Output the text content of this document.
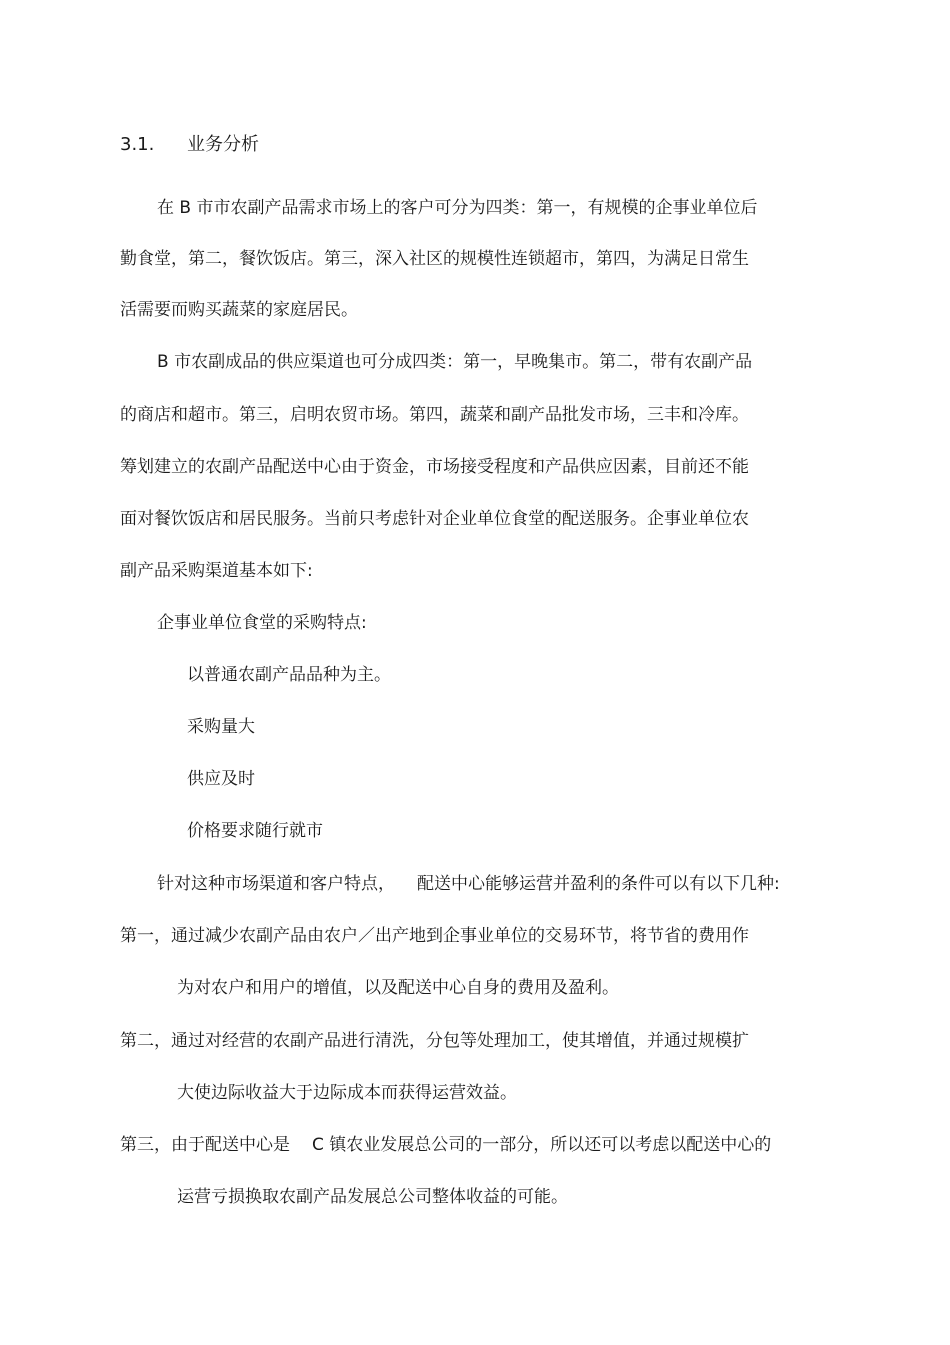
3.1. 业务分析
在 B 市市农副产品需求市场上的客户可分为四类：第一，有规模的企事业单位后
勤食堂，第二，餐饮饭店。第三，深入社区的规模性连锁超市，第四，为满足日常生
活需要而购买蔬菜的家庭居民。
B 市农副成品的供应渠道也可分成四类：第一，早晚集市。第二，带有农副产品
的商店和超市。第三，启明农贸市场。第四，蔬菜和副产品批发市场，三丰和冷库。
筹划建立的农副产品配送中心由于资金，市场接受程度和产品供应因素，目前还不能
面对餐饮饭店和居民服务。当前只考虑针对企业单位食堂的配送服务。企事业单位农
副产品采购渠道基本如下:
企事业单位食堂的采购特点:
以普通农副产品品种为主。
采购量大
供应及时
价格要求随行就市
针对这种市场渠道和客户特点， 配送中心能够运营并盈利的条件可以有以下几种:
第一，通过减少农副产品由农户／出产地到企事业单位的交易环节，将节省的费用作
为对农户和用户的增值，以及配送中心自身的费用及盈利。
第二，通过对经营的农副产品进行清洗，分包等处理加工，使其增值，并通过规模扩
大使边际收益大于边际成本而获得运营效益。
第三，由于配送中心是 C 镇农业发展总公司的一部分，所以还可以考虑以配送中心的
运营亏损换取农副产品发展总公司整体收益的可能。
